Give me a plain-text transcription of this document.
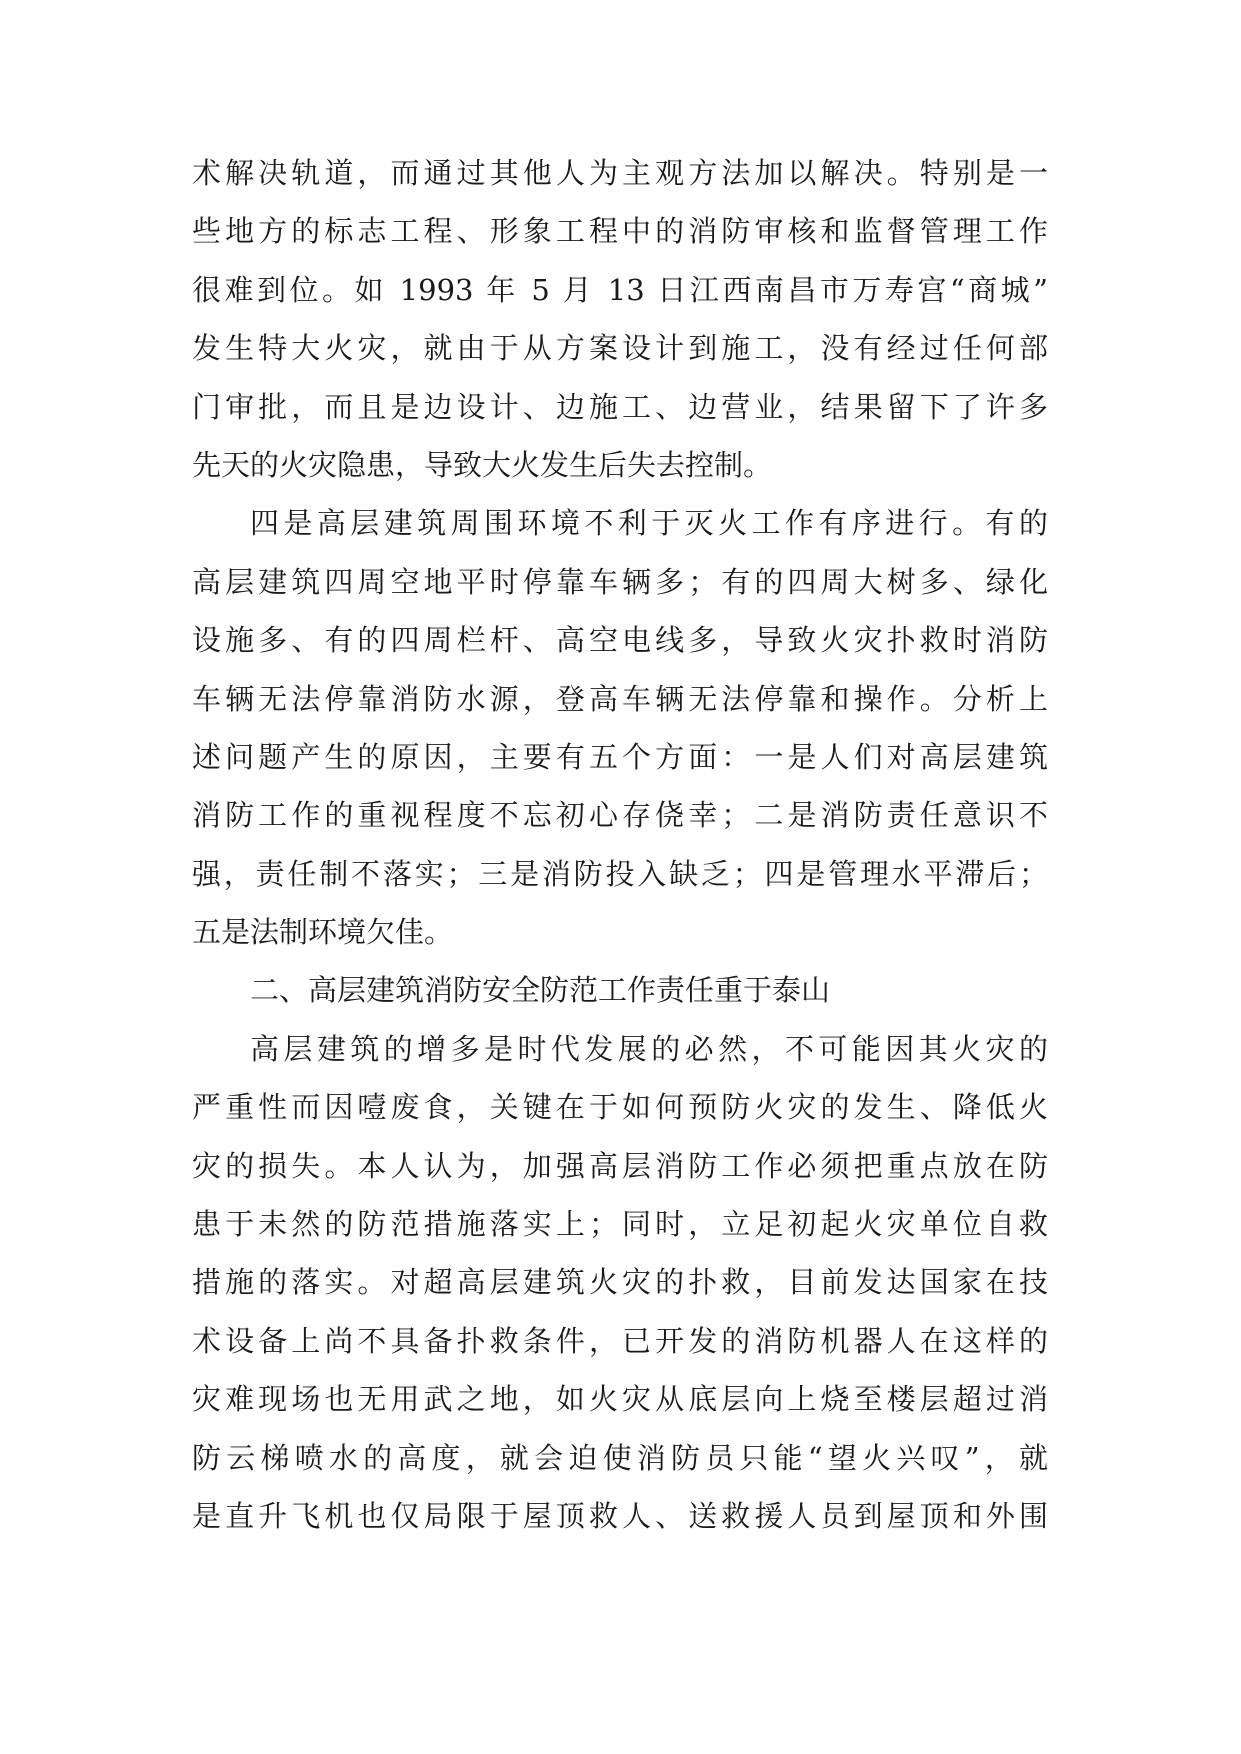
术解决轨道，而通过其他人为主观方法加以解决。特别是一
些地方的标志工程、形象工程中的消防审核和监督管理工作
很难到位。如 1993 年 5 月 13 日江西南昌市万寿宫“商城”
发生特大火灾，就由于从方案设计到施工，没有经过任何部
门审批，而且是边设计、边施工、边营业，结果留下了许多
先天的火灾隐患，导致大火发生后失去控制。
四是高层建筑周围环境不利于灭火工作有序进行。有的
高层建筑四周空地平时停靠车辆多；有的四周大树多、绿化
设施多、有的四周栏杆、高空电线多，导致火灾扑救时消防
车辆无法停靠消防水源，登高车辆无法停靠和操作。分析上
述问题产生的原因，主要有五个方面：一是人们对高层建筑
消防工作的重视程度不忘初心存侥幸；二是消防责任意识不
强，责任制不落实；三是消防投入缺乏；四是管理水平滞后；
五是法制环境欠佳。
二、高层建筑消防安全防范工作责任重于泰山
高层建筑的增多是时代发展的必然，不可能因其火灾的
严重性而因噎废食，关键在于如何预防火灾的发生、降低火
灾的损失。本人认为，加强高层消防工作必须把重点放在防
患于未然的防范措施落实上；同时，立足初起火灾单位自救
措施的落实。对超高层建筑火灾的扑救，目前发达国家在技
术设备上尚不具备扑救条件，已开发的消防机器人在这样的
灾难现场也无用武之地，如火灾从底层向上烧至楼层超过消
防云梯喷水的高度，就会迫使消防员只能“望火兴叹”，就
是直升飞机也仅局限于屋顶救人、送救援人员到屋顶和外围
